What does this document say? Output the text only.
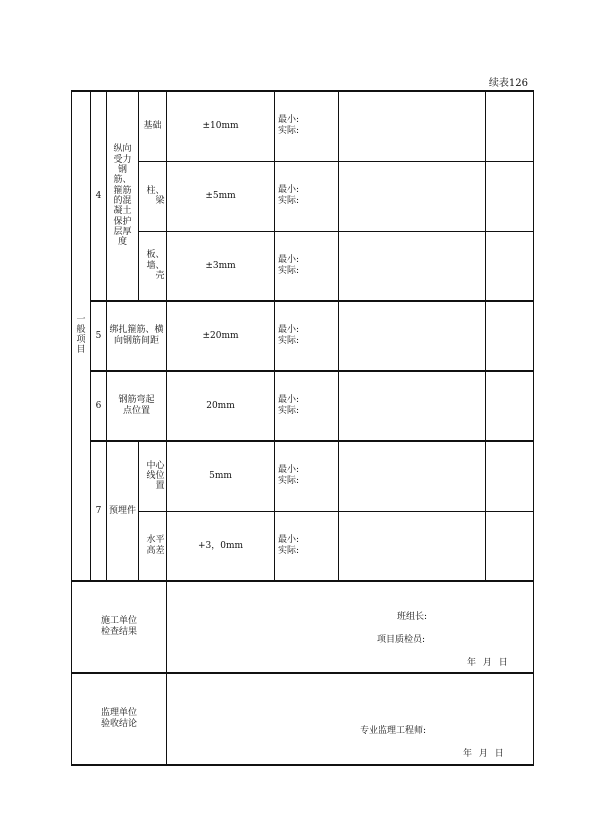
续表126
一般项目	4	纵向受力钢筋、箍筋的混凝土保护层厚度	基础	±10mm	最小:
实际:		

			柱、梁	±5mm	最小:
实际:		

			板、墙、壳	±3mm	最小:
实际:		

	5	绑扎箍筋、横向钢筋间距		±20mm	最小:
实际:		

	6	钢筋弯起点位置		20mm	最小:
实际:		

	7	预埋件	中心线位置	5mm	最小:
实际:		

			水平高差	+3，0mm	最小:
实际:		

施工单位检查结果				班组长:
项目质检员:
年 月 日			

监理单位验收结论				专业监理工程师:
年 月 日			
